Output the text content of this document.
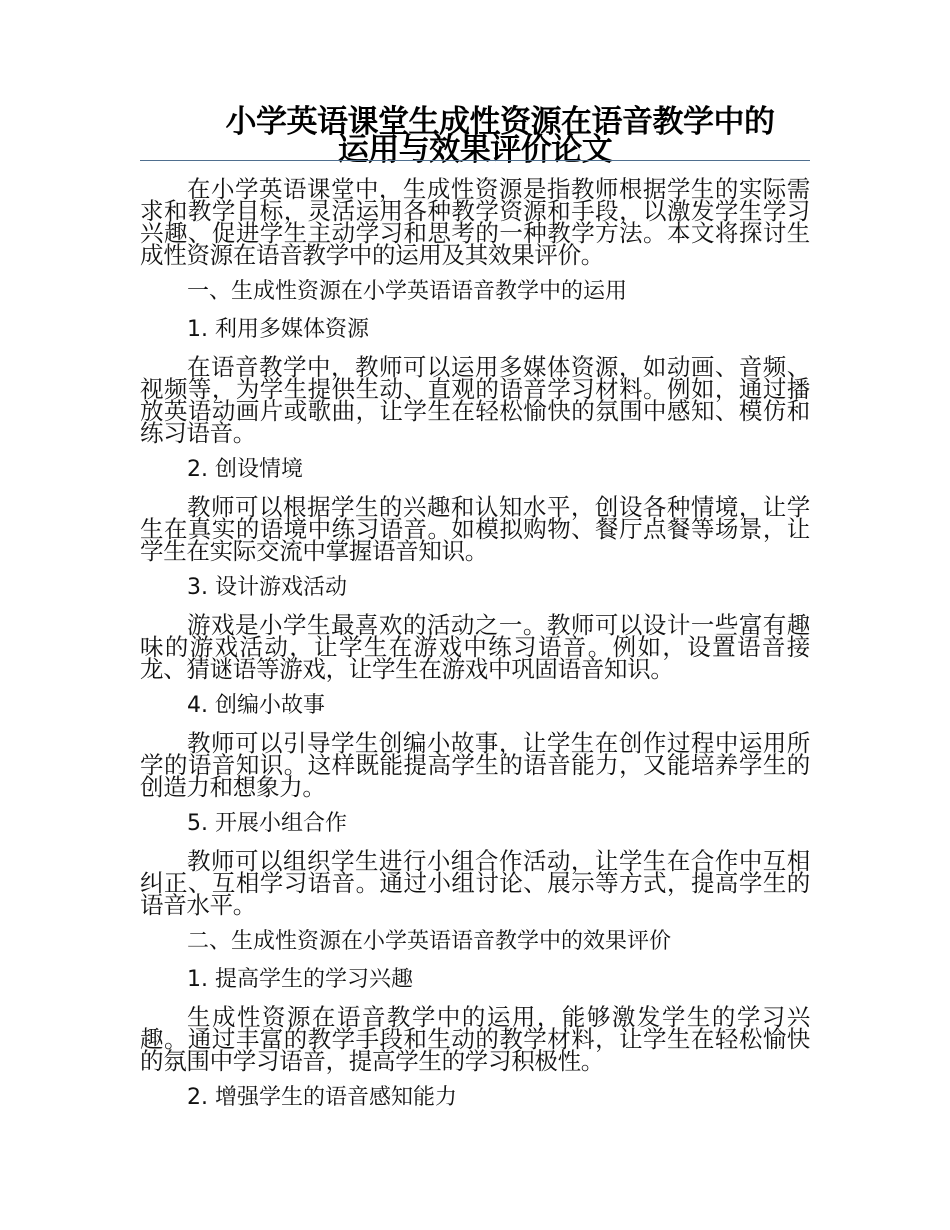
小学英语课堂生成性资源在语音教学中的
运用与效果评价论文

在小学英语课堂中，生成性资源是指教师根据学生的实际需求和教学目标，灵活运用各种教学资源和手段，以激发学生学习兴趣、促进学生主动学习和思考的一种教学方法。本文将探讨生成性资源在语音教学中的运用及其效果评价。

一、生成性资源在小学英语语音教学中的运用
1. 利用多媒体资源

在语音教学中，教师可以运用多媒体资源，如动画、音频、视频等，为学生提供生动、直观的语音学习材料。例如，通过播放英语动画片或歌曲，让学生在轻松愉快的氛围中感知、模仿和练习语音。

2. 创设情境

教师可以根据学生的兴趣和认知水平，创设各种情境，让学生在真实的语境中练习语音。如模拟购物、餐厅点餐等场景，让学生在实际交流中掌握语音知识。

3. 设计游戏活动

游戏是小学生最喜欢的活动之一。教师可以设计一些富有趣味的游戏活动，让学生在游戏中练习语音。例如，设置语音接龙、猜谜语等游戏，让学生在游戏中巩固语音知识。

4. 创编小故事

教师可以引导学生创编小故事，让学生在创作过程中运用所学的语音知识。这样既能提高学生的语音能力，又能培养学生的创造力和想象力。

5. 开展小组合作

教师可以组织学生进行小组合作活动，让学生在合作中互相纠正、互相学习语音。通过小组讨论、展示等方式，提高学生的语音水平。

二、生成性资源在小学英语语音教学中的效果评价
1. 提高学生的学习兴趣

生成性资源在语音教学中的运用，能够激发学生的学习兴趣。通过丰富的教学手段和生动的教学材料，让学生在轻松愉快的氛围中学习语音，提高学生的学习积极性。

2. 增强学生的语音感知能力
